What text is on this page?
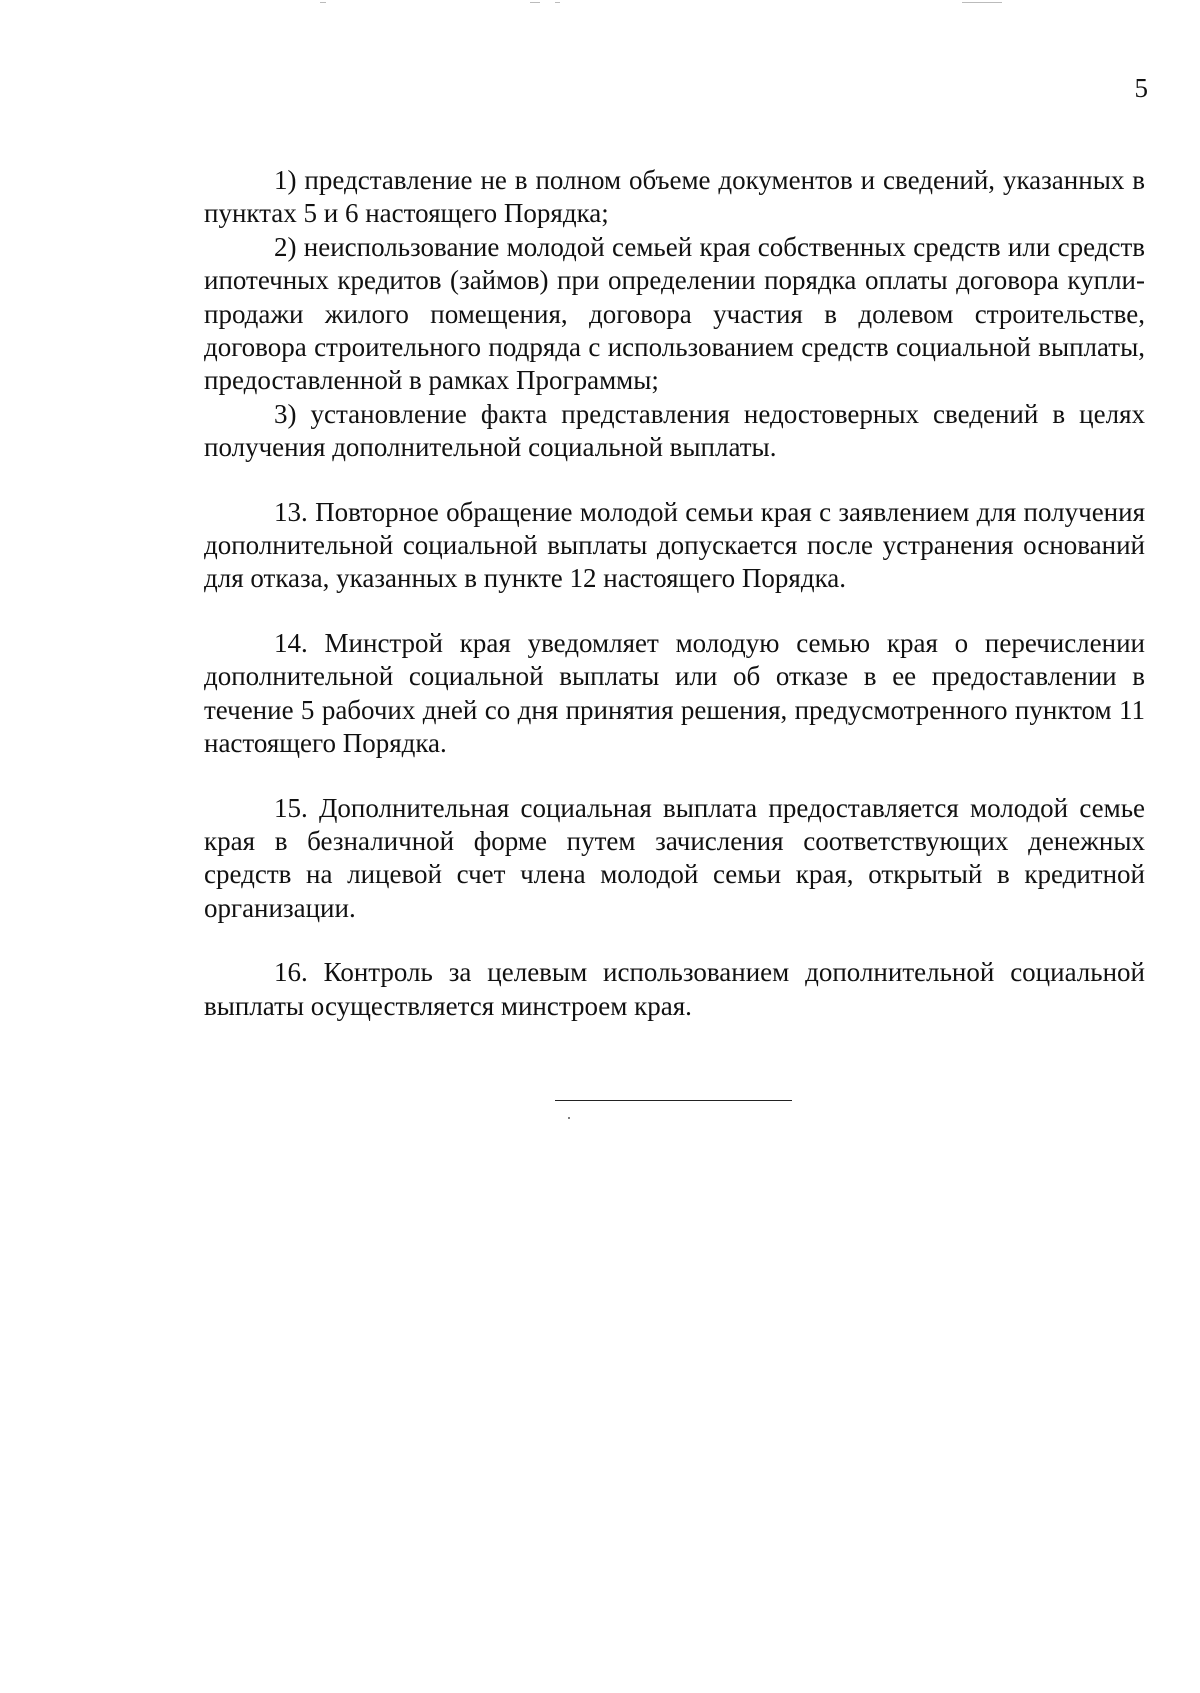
5

1) представление не в полном объеме документов и сведений, указанных в пунктах 5 и 6 настоящего Порядка;

2) неиспользование молодой семьей края собственных средств или средств ипотечных кредитов (займов) при определении порядка оплаты договора купли-продажи жилого помещения, договора участия в долевом строительстве, договора строительного подряда с использованием средств социальной выплаты, предоставленной в рамках Программы;

3) установление факта представления недостоверных сведений в целях получения дополнительной социальной выплаты.

13. Повторное обращение молодой семьи края с заявлением для получения дополнительной социальной выплаты допускается после устранения оснований для отказа, указанных в пункте 12 настоящего Порядка.

14. Минстрой края уведомляет молодую семью края о перечислении дополнительной социальной выплаты или об отказе в ее предоставлении в течение 5 рабочих дней со дня принятия решения, предусмотренного пунктом 11 настоящего Порядка.

15. Дополнительная социальная выплата предоставляется молодой семье края в безналичной форме путем зачисления соответствующих денежных средств на лицевой счет члена молодой семьи края, открытый в кредитной организации.

16. Контроль за целевым использованием дополнительной социальной выплаты осуществляется минстроем края.
